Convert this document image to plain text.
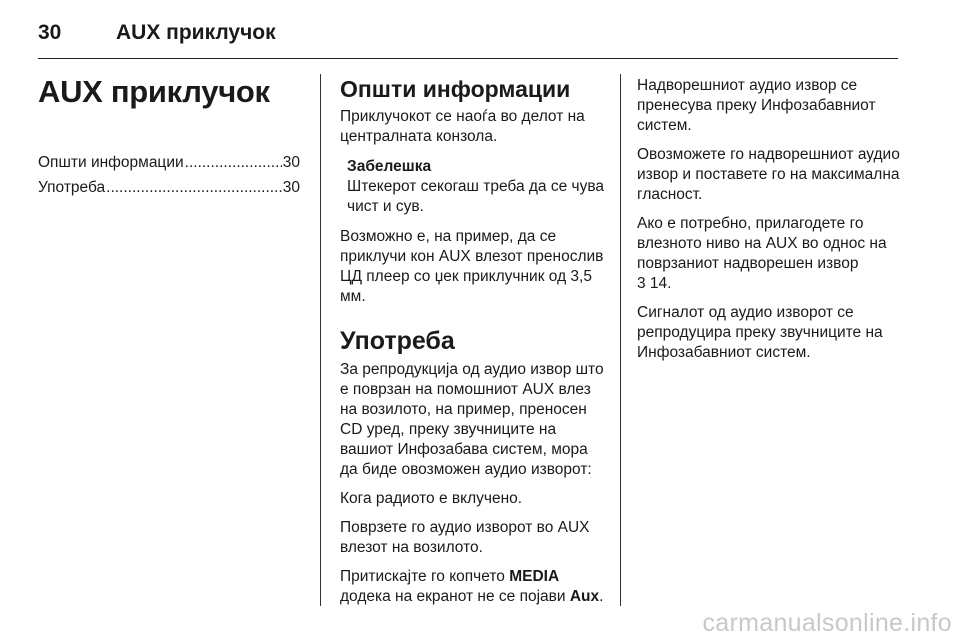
30	AUX приклучок
AUX приклучок
Општи информации .....	30
Употреба .....	30
Општи информации

Приклучокот се наоѓа во делот на централната конзола.

Забелешка

Штекерот секогаш треба да се чува чист и сув.

Возможно е, на пример, да се приклучи кон AUX влезот пренослив ЦД плеер со џек приклучник од 3,5 мм.

Употреба

За репродукција од аудио извор што е поврзан на помошниот AUX влез на возилото, на пример, преносен CD уред, преку звучниците на вашиот Инфозабава систем, мора да биде овозможен аудио изворот:

Кога радиото е вклучено.

Поврзете го аудио изворот во AUX влезот на возилото.

Притискајте го копчето MEDIA додека на екранот не се појави Aux.

Надворешниот аудио извор се пренесува преку Инфозабавниот систем.

Овозможете го надворешниот аудио извор и поставете го на максимална гласност.

Ако е потребно, прилагодете го влезното ниво на AUX во однос на поврзаниот надворешен извор
3 14.

Сигналот од аудио изворот се репродуцира преку звучниците на Инфозабавниот систем.

carmanualsonline.info
